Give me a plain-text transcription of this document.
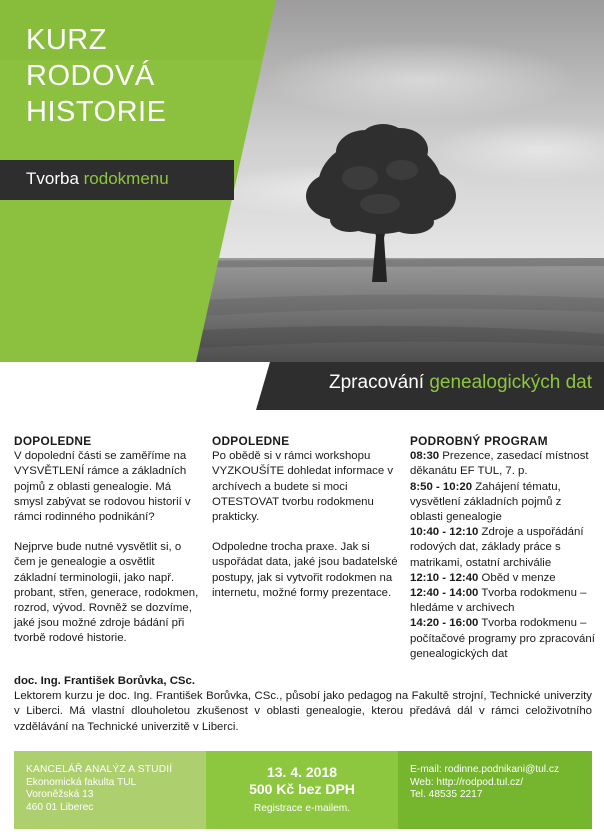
KURZ
RODOVÁ
HISTORIE
Tvorba rodokmenu
Zpracování genealogických dat
DOPOLEDNE

V dopolední části se zaměříme na VYSVĚTLENÍ rámce a základních pojmů z oblasti genealogie. Má smysl zabývat se rodovou historií v rámci rodinného podnikání?

Nejprve bude nutné vysvětlit si, o čem je genealogie a osvětlit základní terminologii, jako např. probant, střen, generace, rodokmen, rozrod, vývod. Rovněž se dozvíme, jaké jsou možné zdroje bádání při tvorbě rodové historie.

ODPOLEDNE

Po obědě si v rámci workshopu VYZKOUŠÍTE dohledat informace v archívech a budete si moci OTESTOVAT tvorbu rodokmenu prakticky.

Odpoledne trocha praxe. Jak si uspořádat data, jaké jsou badatelské postupy, jak si vytvořit rodokmen na internetu, možné formy prezentace.

PODROBNÝ PROGRAM

08:30 Prezence, zasedací místnost děkanátu EF TUL, 7. p.

8:50 - 10:20 Zahájení tématu, vysvětlení základních pojmů z oblasti genealogie

10:40 - 12:10 Zdroje a uspořádání rodových dat, základy práce s matrikami, ostatní archiválie

12:10 - 12:40 Oběd v menze

12:40 - 14:00 Tvorba rodokmenu – hledáme v archivech

14:20 - 16:00 Tvorba rodokmenu – počítačové programy pro zpracování genealogických dat

doc. Ing. František Borůvka, CSc.

Lektorem kurzu je doc. Ing. František Borůvka, CSc., působí jako pedagog na Fakultě strojní, Technické univerzity v Liberci. Má vlastní dlouholetou zkušenost v oblasti genealogie, kterou předává dál v rámci celoživotního vzdělávání na Technické univerzitě v Liberci.

KANCELÁŘ ANALÝZ A STUDIÍ
Ekonomická fakulta TUL
Voroněžská 13
460 01 Liberec
13. 4. 2018
500 Kč bez DPH
Registrace e-mailem.
E-mail: rodinne.podnikani@tul.cz
Web: http://rodpod.tul.cz/
Tel. 48535 2217
